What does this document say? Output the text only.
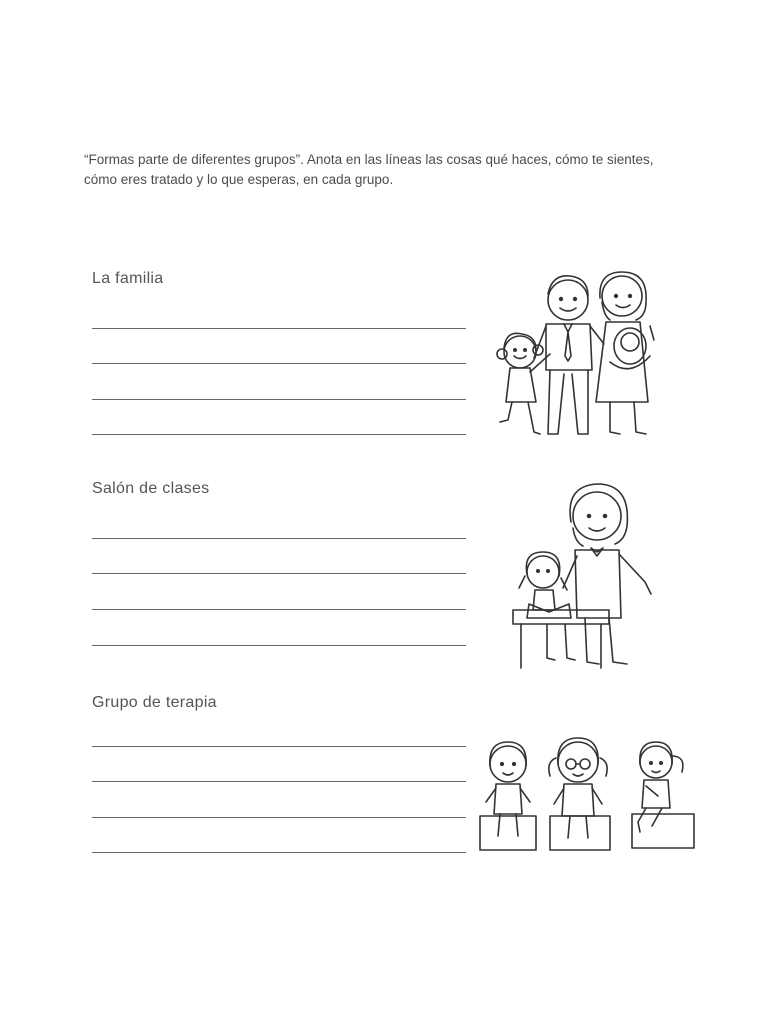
“Formas parte de diferentes grupos”. Anota en las líneas las cosas qué haces, cómo te sientes, cómo eres tratado y lo que esperas, en cada grupo.
La familia
Salón de clases
Grupo de terapia
